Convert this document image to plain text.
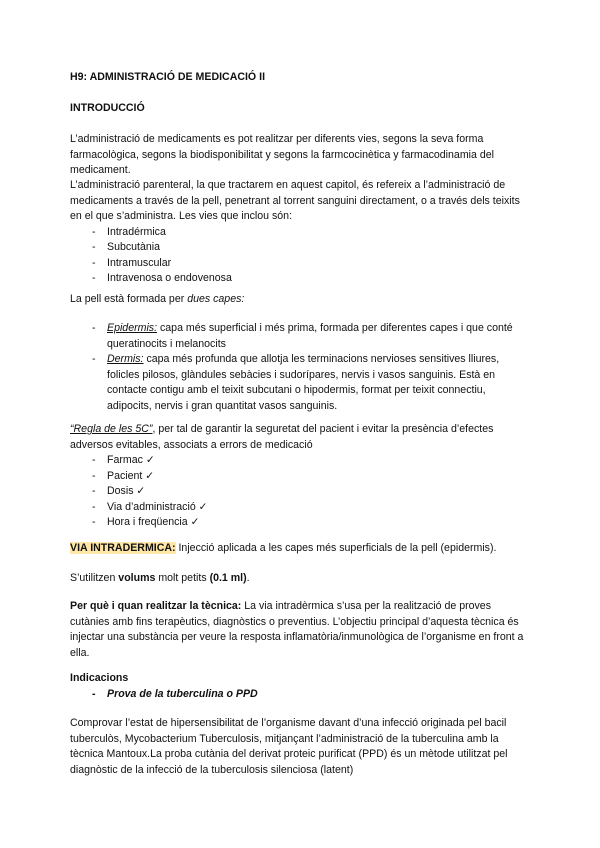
H9: ADMINISTRACIÓ DE MEDICACIÓ II

INTRODUCCIÓ

L’administració de medicaments es pot realitzar per diferents vies, segons la seva forma farmacològica, segons la biodisponibilitat y segons la farmcocinètica y farmacodinamia del medicament.

L’administració parenteral, la que tractarem en aquest capitol, és refereix a l’administració de medicaments a través de la pell, penetrant al torrent sanguini directament, o a través dels teixits en el que s’administra. Les vies que inclou són:

- Intradérmica
- Subcutània
- Intramuscular
- Intravenosa o endovenosa

La pell està formada per dues capes:

- Epidermis: capa més superficial i més prima, formada per diferentes capes i que conté queratinocits i melanocits
- Dermis: capa més profunda que allotja les terminacions nervioses sensitives lliures, folicles pilosos, glàndules sebàcies i sudorípares, nervis i vasos sanguinis. Està en contacte contigu amb el teixit subcutani o hipodermis, format per teixit connectiu, adipocits, nervis i gran quantitat vasos sanguinis.

“Regla de les 5C”, per tal de garantir la seguretat del pacient i evitar la presència d’efectes adversos evitables, associats a errors de medicació

- Farmac ✓
- Pacient ✓
- Dosis ✓
- Via d’administració ✓
- Hora i freqüencia ✓

VIA INTRADERMICA: Injecció aplicada a les capes més superficials de la pell (epidermis).

S’utilitzen volums molt petits (0.1 ml).

Per què i quan realitzar la tècnica: La via intradèrmica s’usa per la realització de proves cutànies amb fins terapèutics, diagnòstics o preventius. L’objectiu principal d’aquesta tècnica és injectar una substància per veure la resposta inflamatòria/inmunològica de l’organisme en front a ella.

Indicacions

- Prova de la tuberculina o PPD

Comprovar l’estat de hipersensibilitat de l’organisme davant d’una infecció originada pel bacil tuberculòs, Mycobacterium Tuberculosis, mitjançant l’administració de la tuberculina amb la tècnica Mantoux.La proba cutània del derivat proteic purificat (PPD) és un mètode utilitzat pel diagnòstic de la infecció de la tuberculosis silenciosa (latent)
